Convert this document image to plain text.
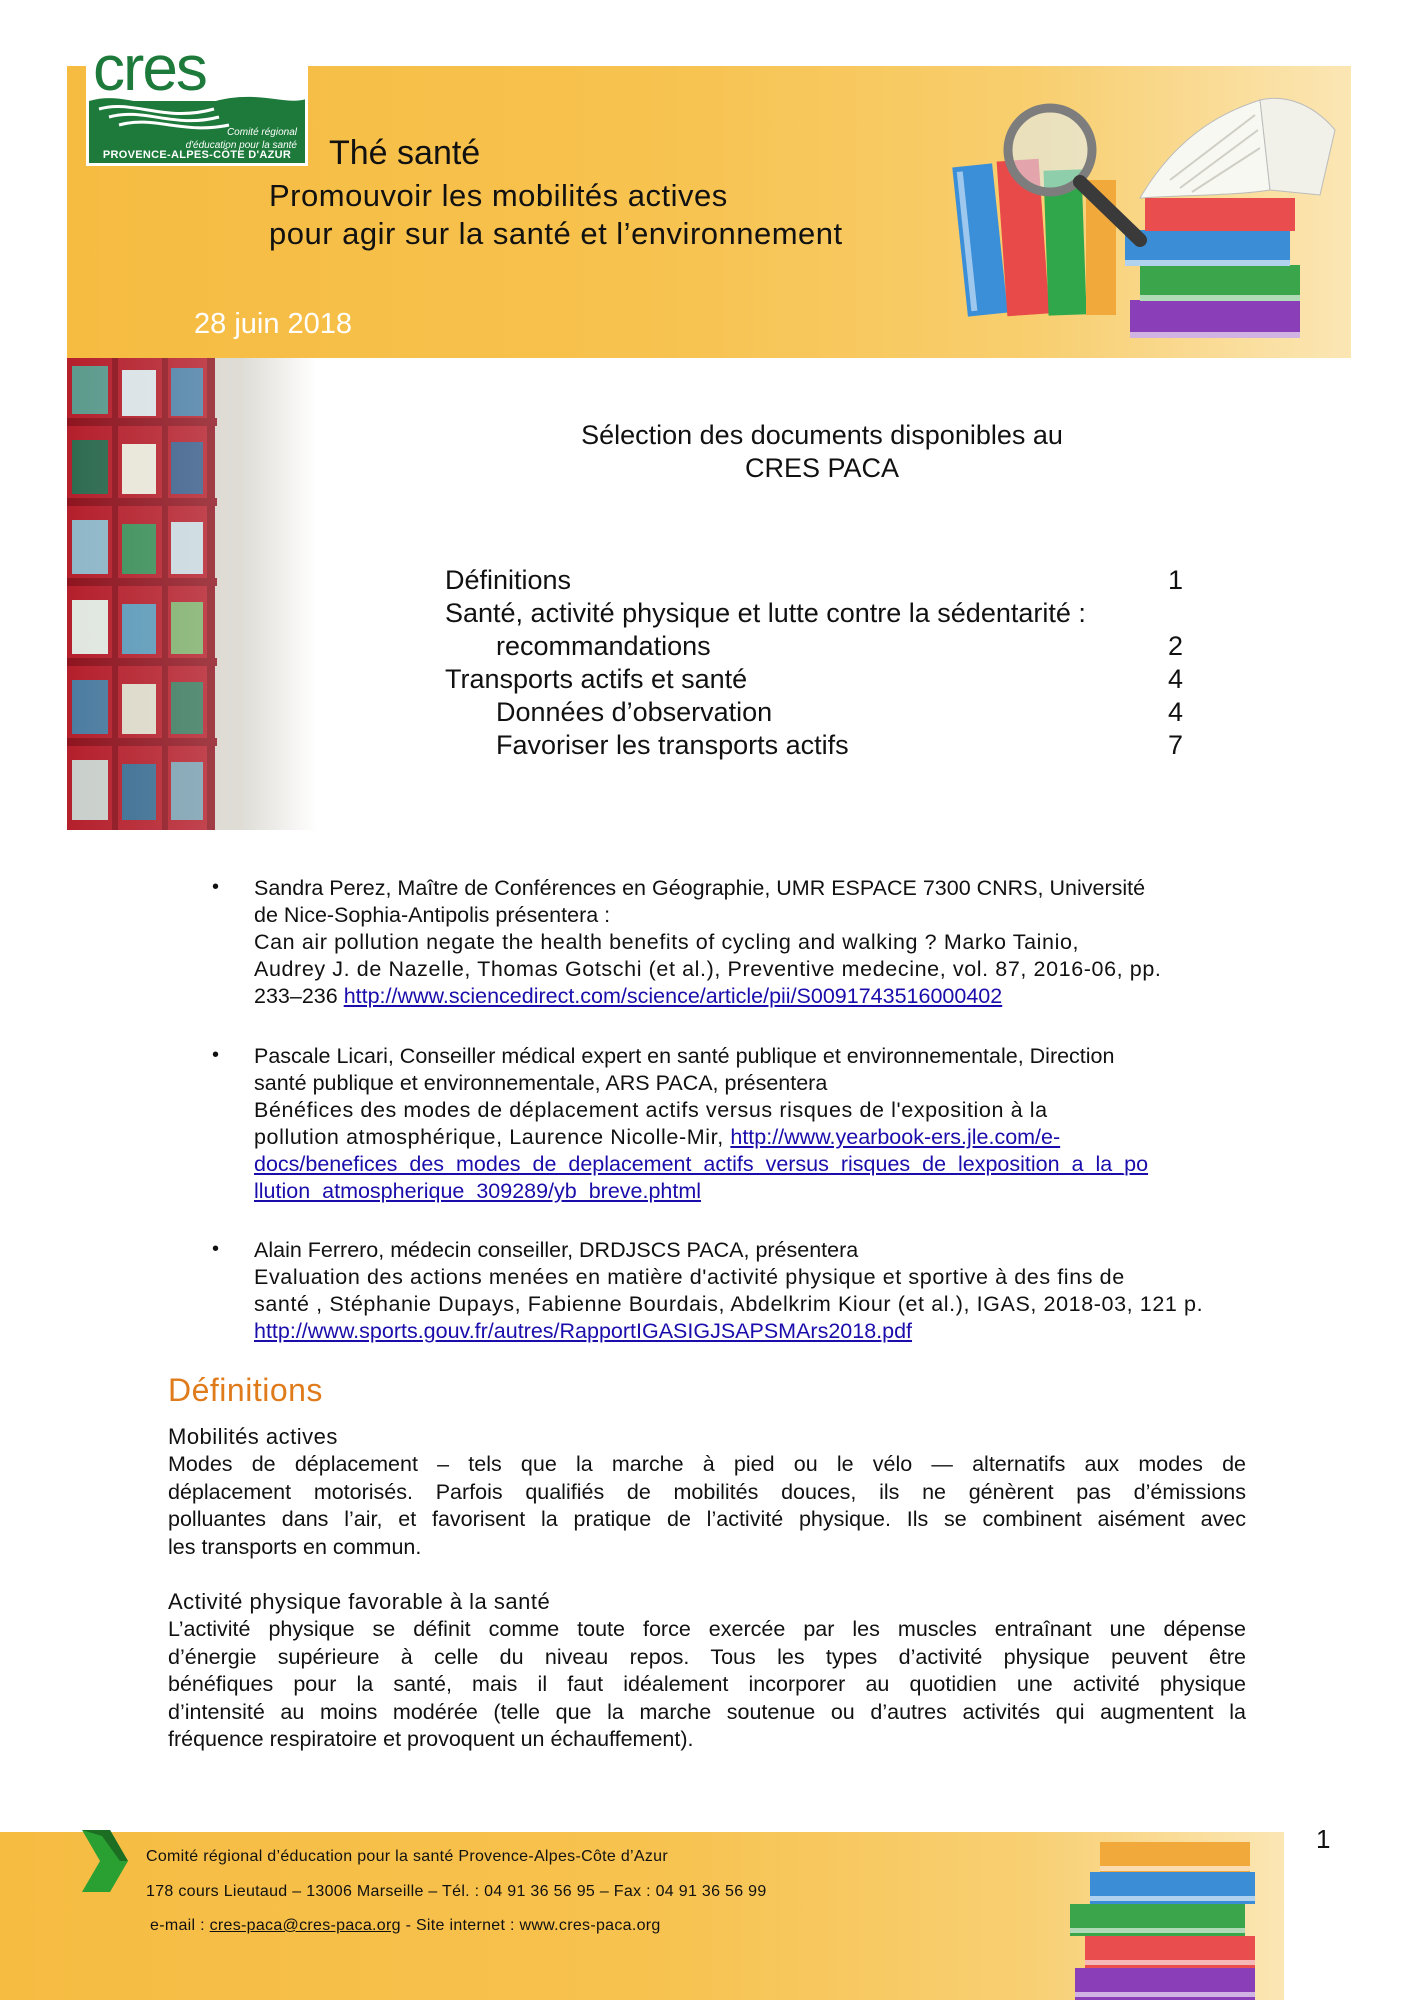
cres
Comité régional
d'éducation pour la santé
PROVENCE-ALPES-CÔTE D'AZUR	Thé santé
Promouvoir les mobilités actives
pour agir sur la santé et l’environnement
28 juin 2018
Sélection des documents disponibles au
CRES PACA
Définitions	1
Santé, activité physique et lutte contre la sédentarité :
recommandations	2
Transports actifs et santé	4
Données d’observation	4
Favoriser les transports actifs	7
• Sandra Perez, Maître de Conférences en Géographie, UMR ESPACE 7300 CNRS, Université
de Nice-Sophia-Antipolis présentera :
Can air pollution negate the health benefits of cycling and walking ? Marko Tainio,
Audrey J. de Nazelle, Thomas Gotschi (et al.), Preventive medecine, vol. 87, 2016-06, pp.
233–236 http://www.sciencedirect.com/science/article/pii/S0091743516000402
• Pascale Licari, Conseiller médical expert en santé publique et environnementale, Direction
santé publique et environnementale, ARS PACA, présentera
Bénéfices des modes de déplacement actifs versus risques de l'exposition à la
pollution atmosphérique, Laurence Nicolle-Mir, http://www.yearbook-ers.jle.com/e-
docs/benefices_des_modes_de_deplacement_actifs_versus_risques_de_lexposition_a_la_po
llution_atmospherique_309289/yb_breve.phtml
• Alain Ferrero, médecin conseiller, DRDJSCS PACA, présentera
Evaluation des actions menées en matière d'activité physique et sportive à des fins de
santé , Stéphanie Dupays, Fabienne Bourdais, Abdelkrim Kiour (et al.), IGAS, 2018-03, 121 p.
http://www.sports.gouv.fr/autres/RapportIGASIGJSAPSMArs2018.pdf
Définitions
Mobilités actives
Modes de déplacement – tels que la marche à pied ou le vélo — alternatifs aux modes de
déplacement motorisés. Parfois qualifiés de mobilités douces, ils ne génèrent pas d’émissions
polluantes dans l’air, et favorisent la pratique de l’activité physique. Ils se combinent aisément avec
les transports en commun.
Activité physique favorable à la santé
L’activité physique se définit comme toute force exercée par les muscles entraînant une dépense
d’énergie supérieure à celle du niveau repos. Tous les types d’activité physique peuvent être
bénéfiques pour la santé, mais il faut idéalement incorporer au quotidien une activité physique
d’intensité au moins modérée (telle que la marche soutenue ou d’autres activités qui augmentent la
fréquence respiratoire et provoquent un échauffement).
Comité régional d’éducation pour la santé Provence-Alpes-Côte d’Azur
178 cours Lieutaud – 13006 Marseille – Tél. : 04 91 36 56 95 – Fax : 04 91 36 56 99
e-mail : cres-paca@cres-paca.org - Site internet : www.cres-paca.org
1
